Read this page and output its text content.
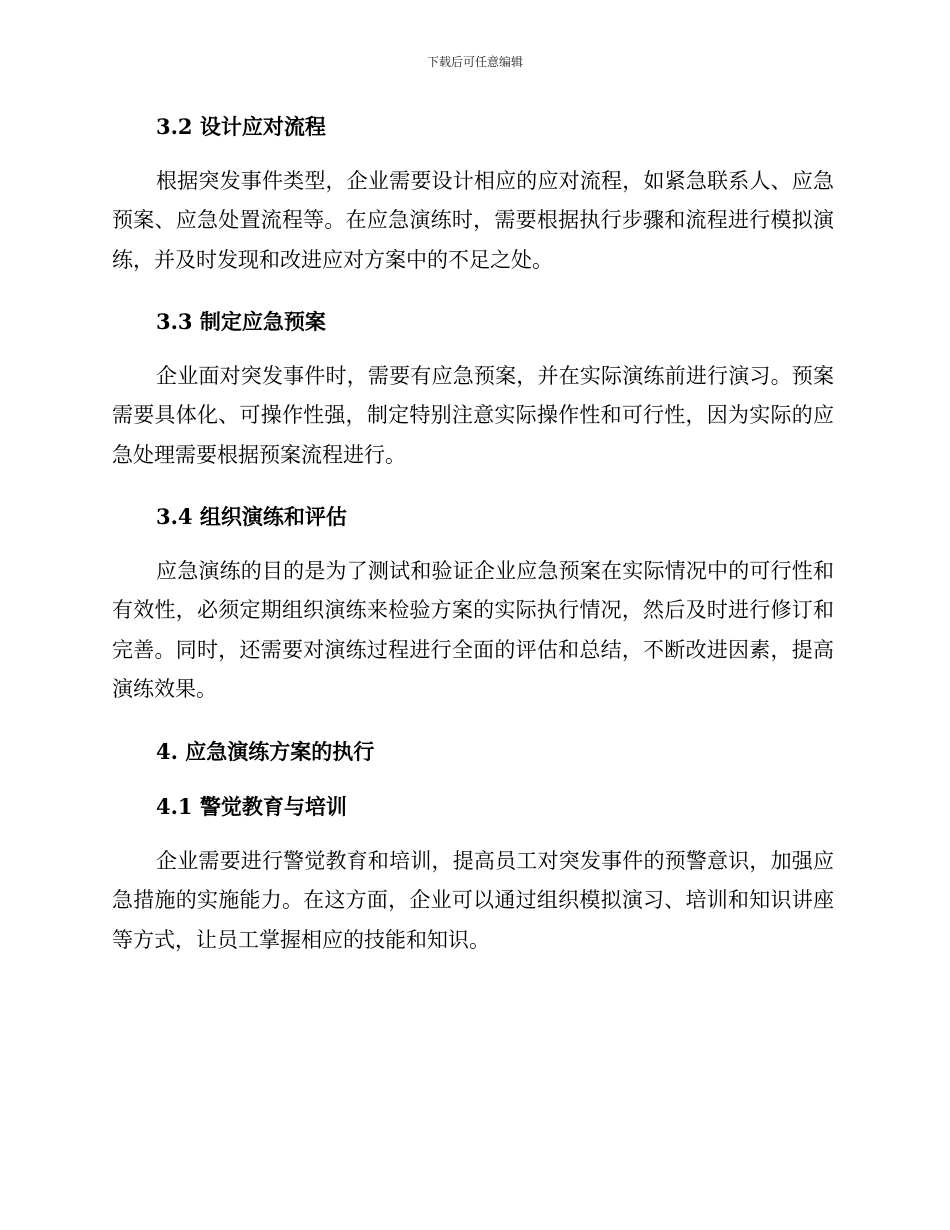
下载后可任意编辑
3.2 设计应对流程

根据突发事件类型，企业需要设计相应的应对流程，如紧急联系人、应急预案、应急处置流程等。在应急演练时，需要根据执行步骤和流程进行模拟演练，并及时发现和改进应对方案中的不足之处。

3.3 制定应急预案

企业面对突发事件时，需要有应急预案，并在实际演练前进行演习。预案需要具体化、可操作性强，制定特别注意实际操作性和可行性，因为实际的应急处理需要根据预案流程进行。

3.4 组织演练和评估

应急演练的目的是为了测试和验证企业应急预案在实际情况中的可行性和有效性，必须定期组织演练来检验方案的实际执行情况，然后及时进行修订和完善。同时，还需要对演练过程进行全面的评估和总结，不断改进因素，提高演练效果。

4. 应急演练方案的执行
4.1 警觉教育与培训

企业需要进行警觉教育和培训，提高员工对突发事件的预警意识，加强应急措施的实施能力。在这方面，企业可以通过组织模拟演习、培训和知识讲座等方式，让员工掌握相应的技能和知识。
